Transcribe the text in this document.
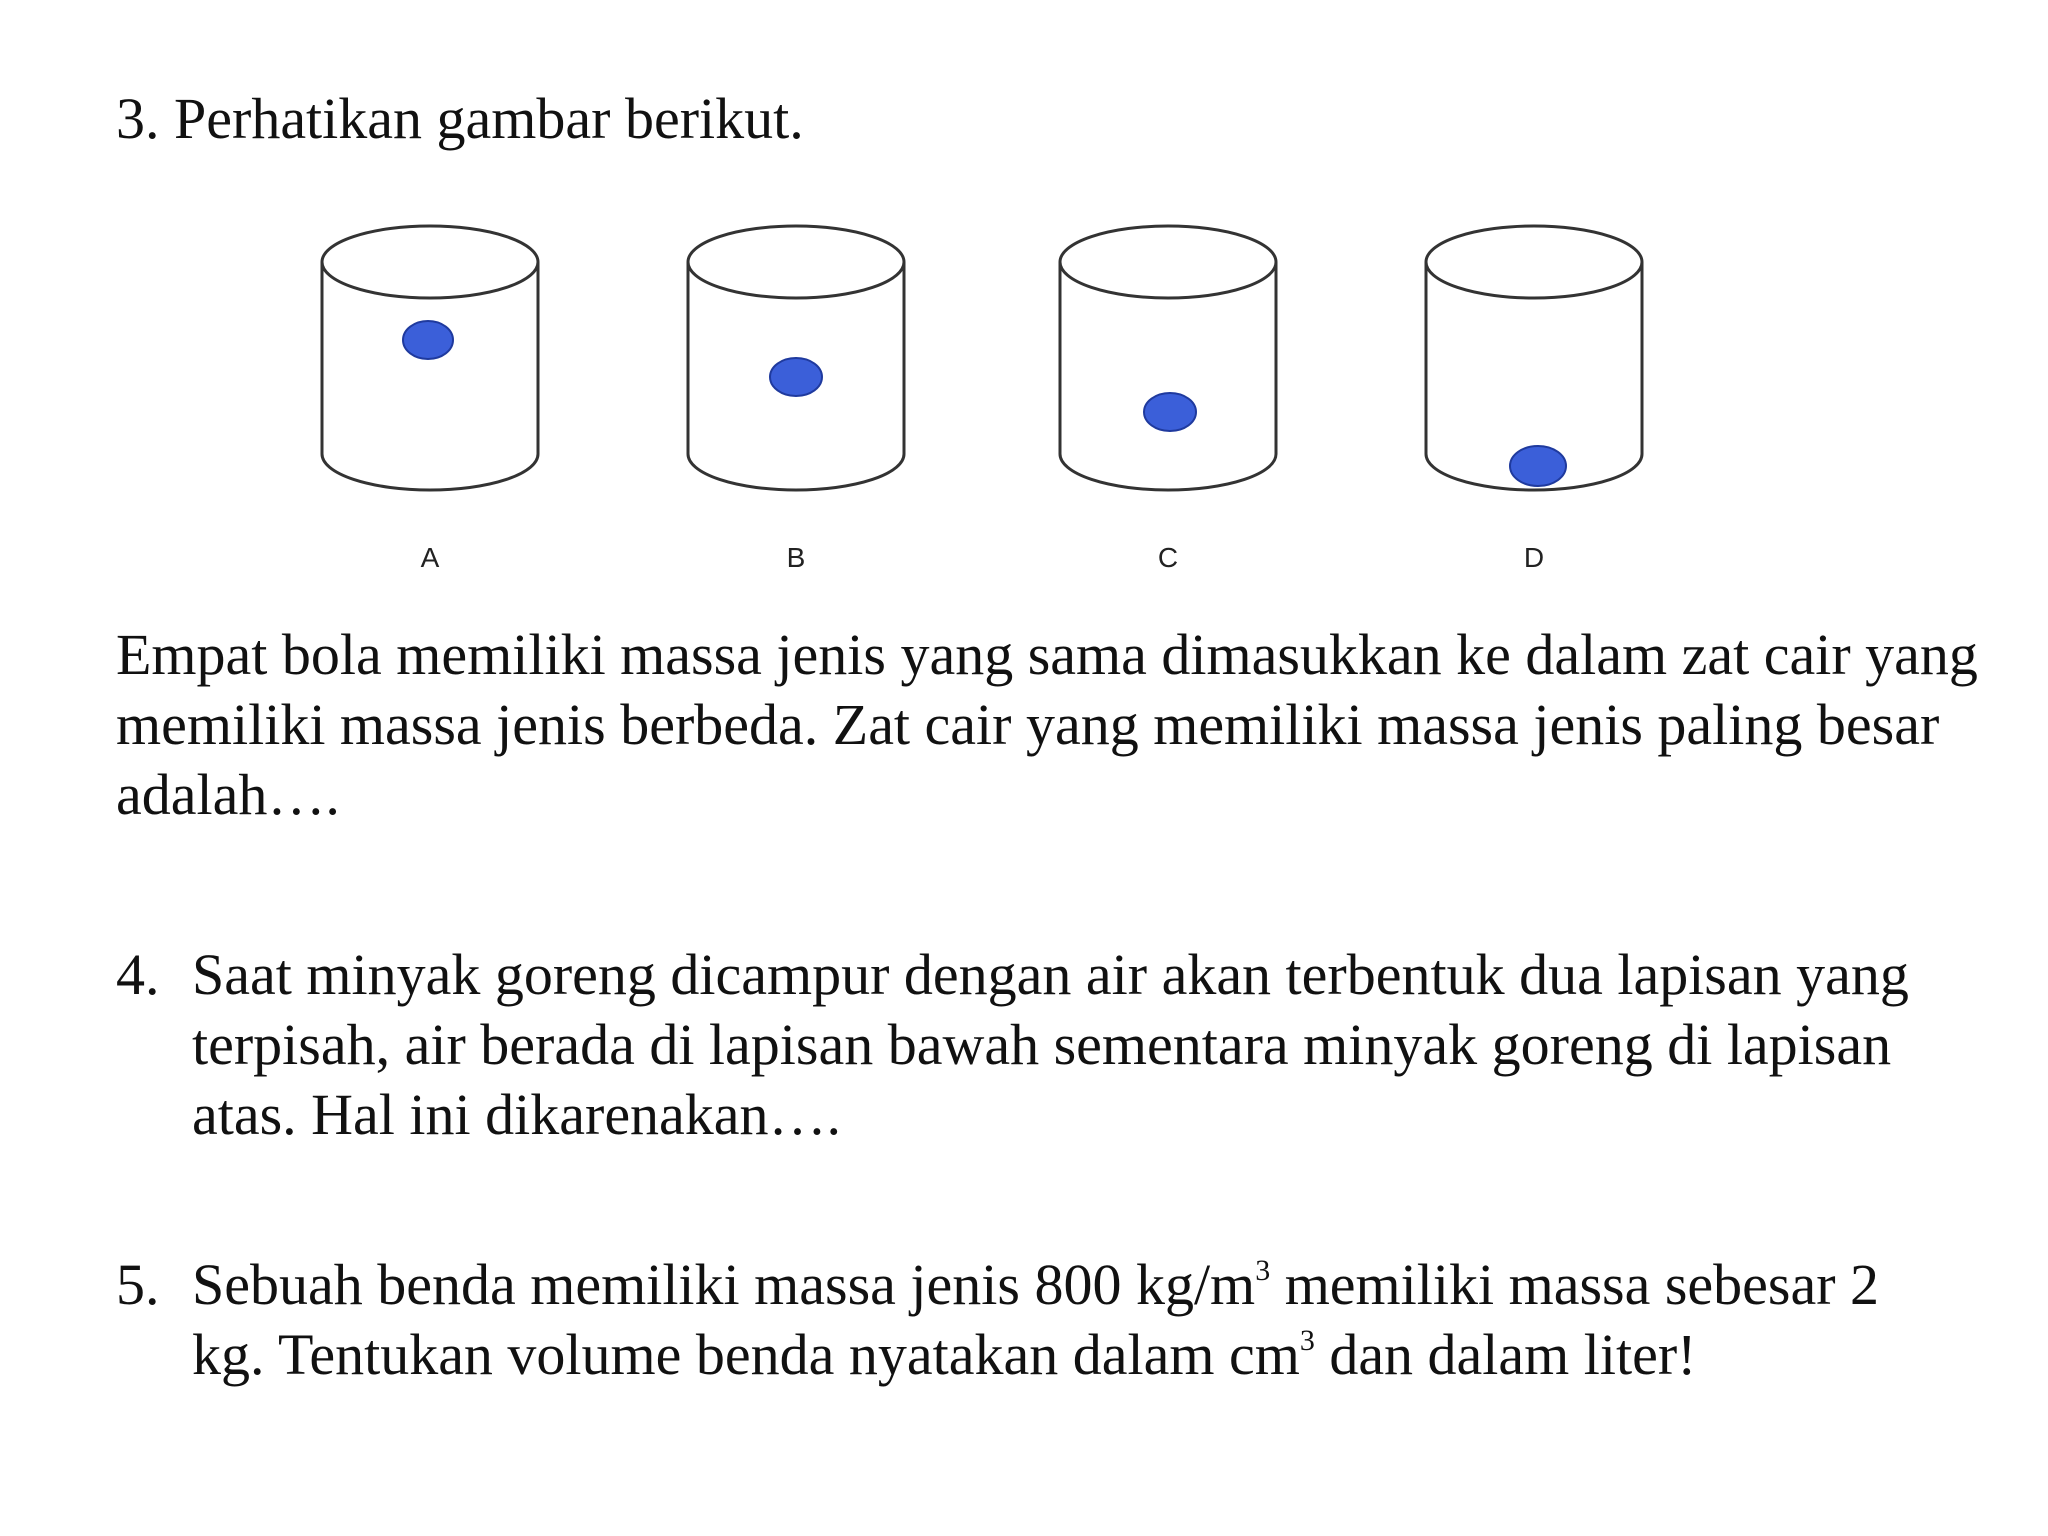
3. Perhatikan gambar berikut.

A	B	C	D

Empat bola memiliki massa jenis yang sama dimasukkan ke dalam zat cair yang memiliki massa jenis berbeda. Zat cair yang memiliki massa jenis paling besar adalah….

4. Saat minyak goreng dicampur dengan air akan terbentuk dua lapisan yang terpisah, air berada di lapisan bawah sementara minyak goreng di lapisan atas. Hal ini dikarenakan….
5. Sebuah benda memiliki massa jenis 800 $kg/m^3$ memiliki massa sebesar 2 kg. Tentukan volume benda nyatakan dalam $cm^3$ dan dalam liter!
